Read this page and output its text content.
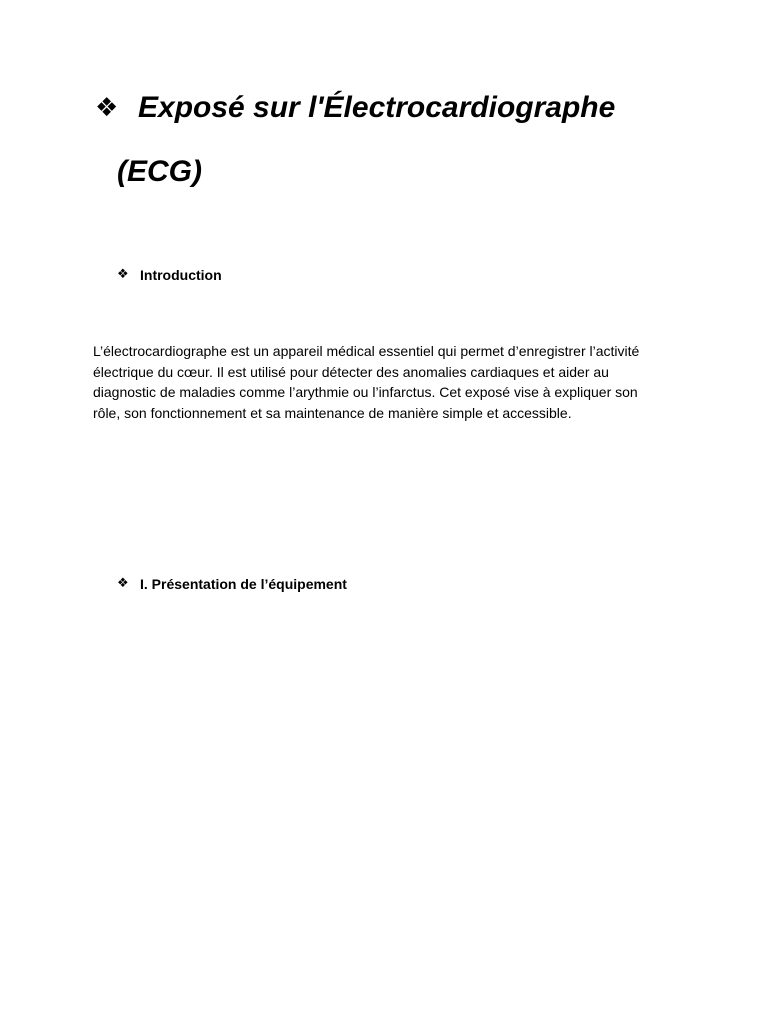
❖ Exposé sur l'Électrocardiographe
(ECG)
❖ Introduction

L’électrocardiographe est un appareil médical essentiel qui permet d’enregistrer l’activité électrique du cœur. Il est utilisé pour détecter des anomalies cardiaques et aider au diagnostic de maladies comme l’arythmie ou l’infarctus. Cet exposé vise à expliquer son rôle, son fonctionnement et sa maintenance de manière simple et accessible.

❖ I. Présentation de l’équipement
